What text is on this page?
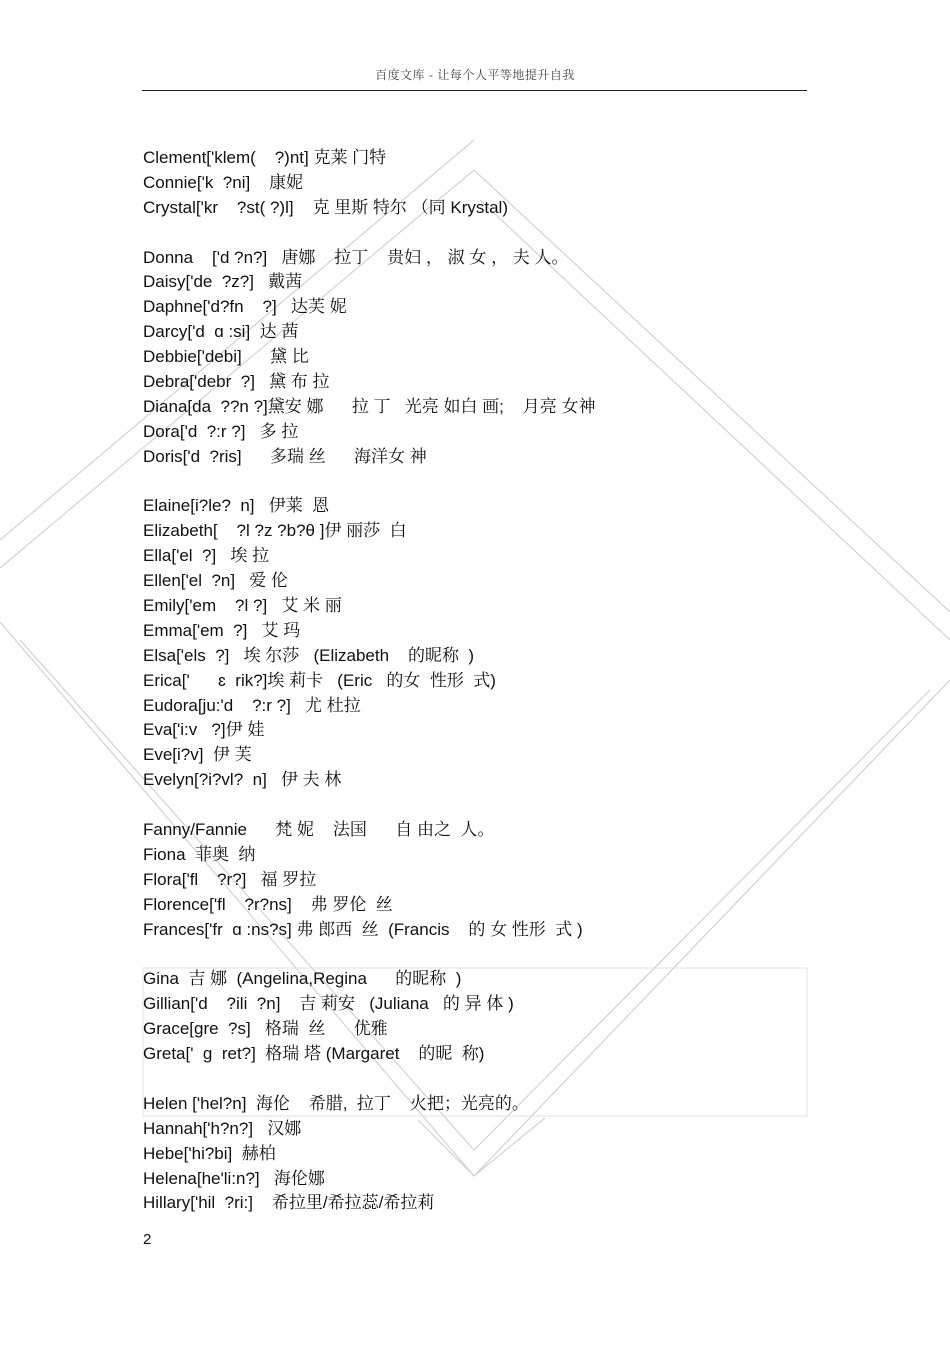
百度文库 - 让每个人平等地提升自我
Clement['klem(    ?)nt] 克莱 门特
Connie['k  ?ni]    康妮
Crystal['kr    ?st( ?)l]    克 里斯 特尔 （同 Krystal)
Donna    ['d ?n?]   唐娜    拉丁    贵妇 ， 淑 女 ， 夫 人。
Daisy['de  ?z?]   戴茜
Daphne['d?fn    ?]   达芙 妮
Darcy['d  ɑ :si]  达 茜
Debbie['debi]      黛 比
Debra['debr  ?]   黛 布 拉
Diana[da  ??n ?]黛安 娜      拉 丁   光亮 如白 画;    月亮 女神
Dora['d  ?:r ?]   多 拉
Doris['d  ?ris]      多瑞 丝      海洋女 神
Elaine[i?le?  n]   伊莱  恩
Elizabeth[    ?l ?z ?b?θ ]伊 丽莎  白
Ella['el  ?]   埃 拉
Ellen['el  ?n]   爱 伦
Emily['em    ?l ?]   艾 米 丽
Emma['em  ?]   艾 玛
Elsa['els  ?]   埃 尔莎   (Elizabeth    的昵称  )
Erica['      ɛ  rik?]埃 莉卡   (Eric   的女  性形  式)
Eudora[ju:'d    ?:r ?]   尤 杜拉
Eva['i:v   ?]伊 娃
Eve[i?v]  伊 芙
Evelyn[?i?vl?  n]   伊 夫 林
Fanny/Fannie      梵 妮    法国      自 由之  人。
Fiona  菲奥  纳
Flora['fl    ?r?]   福 罗拉
Florence['fl    ?r?ns]    弗 罗伦  丝
Frances['fr  ɑ :ns?s] 弗 郎西  丝  (Francis    的 女 性形  式 )
Gina  吉 娜  (Angelina,Regina      的昵称  )
Gillian['d    ?ili  ?n]    吉 莉安   (Juliana   的 异 体 )
Grace[gre  ?s]   格瑞  丝      优雅
Greta['  ɡ  ret?]  格瑞 塔 (Margaret    的昵  称)
Helen ['hel?n]  海伦    希腊,  拉丁    火把；光亮的。
Hannah['h?n?]   汉娜
Hebe['hi?bi]  赫柏
Helena[he'li:n?]   海伦娜
Hillary['hil  ?ri:]    希拉里/希拉蕊/希拉莉
2
